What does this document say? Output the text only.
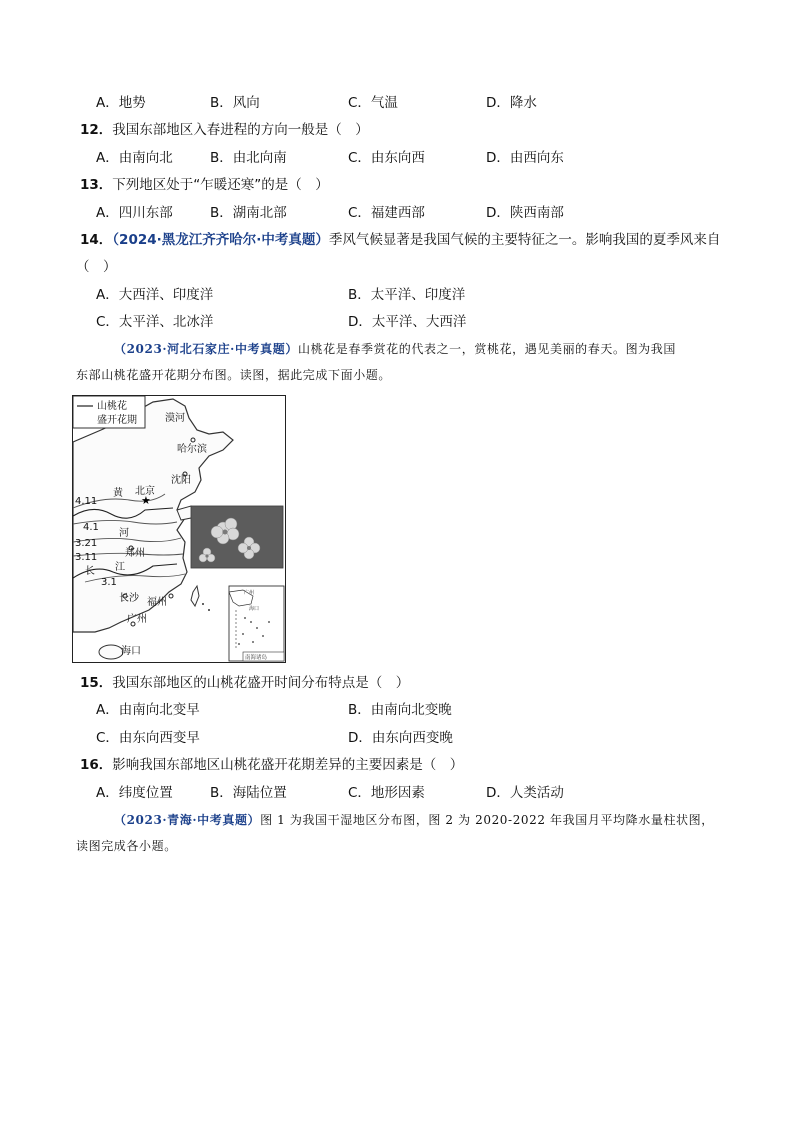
A．地势	B．风向	C．气温	D．降水
12．我国东部地区入春进程的方向一般是（　）
A．由南向北	B．由北向南	C．由东向西	D．由西向东
13．下列地区处于“乍暖还寒”的是（　）
A．四川东部	B．湖南北部	C．福建西部	D．陕西南部
14．（2024·黑龙江齐齐哈尔·中考真题）季风气候显著是我国气候的主要特征之一。影响我国的夏季风来自
（　）
A．大西洋、印度洋	B．太平洋、印度洋
C．太平洋、北冰洋	D．太平洋、大西洋
（2023·河北石家庄·中考真题）山桃花是春季赏花的代表之一，赏桃花，遇见美丽的春天。图为我国
东部山桃花盛开花期分布图。读图，据此完成下面小题。
山桃花
盛开花期
★
漠河
哈尔滨
沈阳
北京
郑州
长沙 福州
广州
海口
黄
河
长 江
4.11
4.1
3.21
3.11
3.1
广州
海口
南海诸岛
15．我国东部地区的山桃花盛开时间分布特点是（　）
A．由南向北变早	B．由南向北变晚
C．由东向西变早	D．由东向西变晚
16．影响我国东部地区山桃花盛开花期差异的主要因素是（　）
A．纬度位置	B．海陆位置	C．地形因素	D．人类活动
（2023·青海·中考真题）图 1 为我国干湿地区分布图，图 2 为 2020-2022 年我国月平均降水量柱状图，
读图完成各小题。
